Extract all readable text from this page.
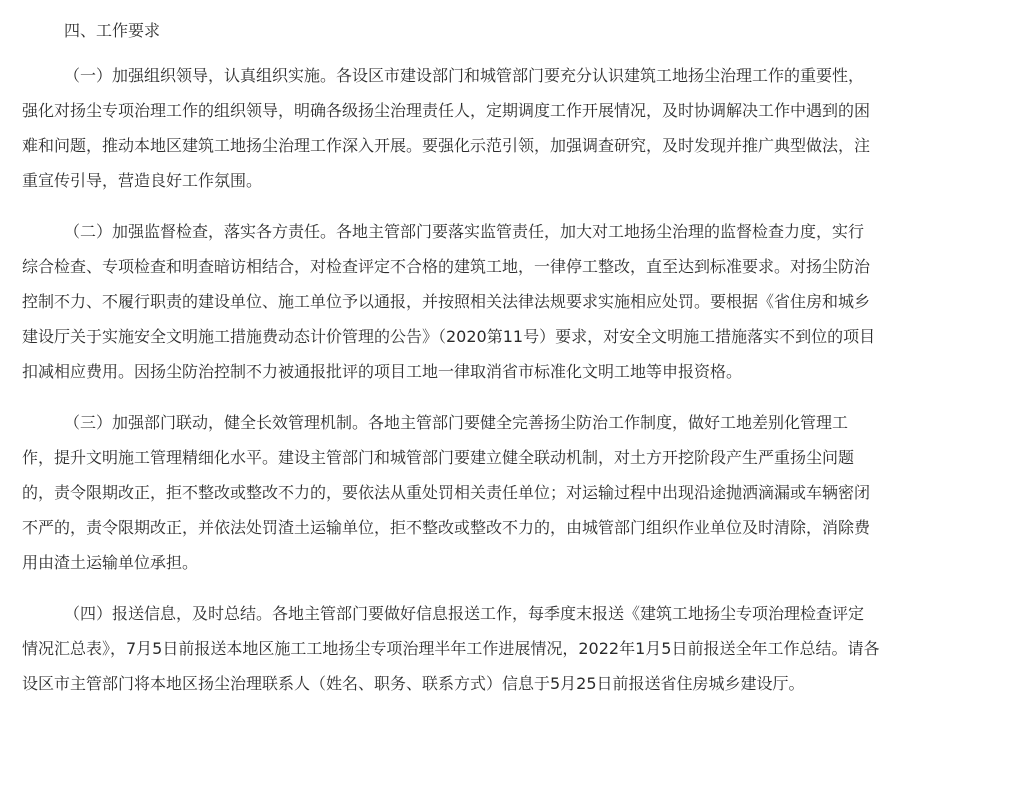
四、工作要求
（一）加强组织领导，认真组织实施。各设区市建设部门和城管部门要充分认识建筑工地扬尘治理工作的重要性，
强化对扬尘专项治理工作的组织领导，明确各级扬尘治理责任人，定期调度工作开展情况，及时协调解决工作中遇到的困
难和问题，推动本地区建筑工地扬尘治理工作深入开展。要强化示范引领，加强调查研究，及时发现并推广典型做法，注
重宣传引导，营造良好工作氛围。
（二）加强监督检查，落实各方责任。各地主管部门要落实监管责任，加大对工地扬尘治理的监督检查力度，实行
综合检查、专项检查和明查暗访相结合，对检查评定不合格的建筑工地，一律停工整改，直至达到标准要求。对扬尘防治
控制不力、不履行职责的建设单位、施工单位予以通报，并按照相关法律法规要求实施相应处罚。要根据《省住房和城乡
建设厅关于实施安全文明施工措施费动态计价管理的公告》（2020第11号）要求，对安全文明施工措施落实不到位的项目
扣减相应费用。因扬尘防治控制不力被通报批评的项目工地一律取消省市标准化文明工地等申报资格。
（三）加强部门联动，健全长效管理机制。各地主管部门要健全完善扬尘防治工作制度，做好工地差别化管理工
作，提升文明施工管理精细化水平。建设主管部门和城管部门要建立健全联动机制，对土方开挖阶段产生严重扬尘问题
的，责令限期改正，拒不整改或整改不力的，要依法从重处罚相关责任单位；对运输过程中出现沿途抛洒滴漏或车辆密闭
不严的，责令限期改正，并依法处罚渣土运输单位，拒不整改或整改不力的，由城管部门组织作业单位及时清除，消除费
用由渣土运输单位承担。
（四）报送信息，及时总结。各地主管部门要做好信息报送工作，每季度末报送《建筑工地扬尘专项治理检查评定
情况汇总表》，7月5日前报送本地区施工工地扬尘专项治理半年工作进展情况，2022年1月5日前报送全年工作总结。请各
设区市主管部门将本地区扬尘治理联系人（姓名、职务、联系方式）信息于5月25日前报送省住房城乡建设厅。
